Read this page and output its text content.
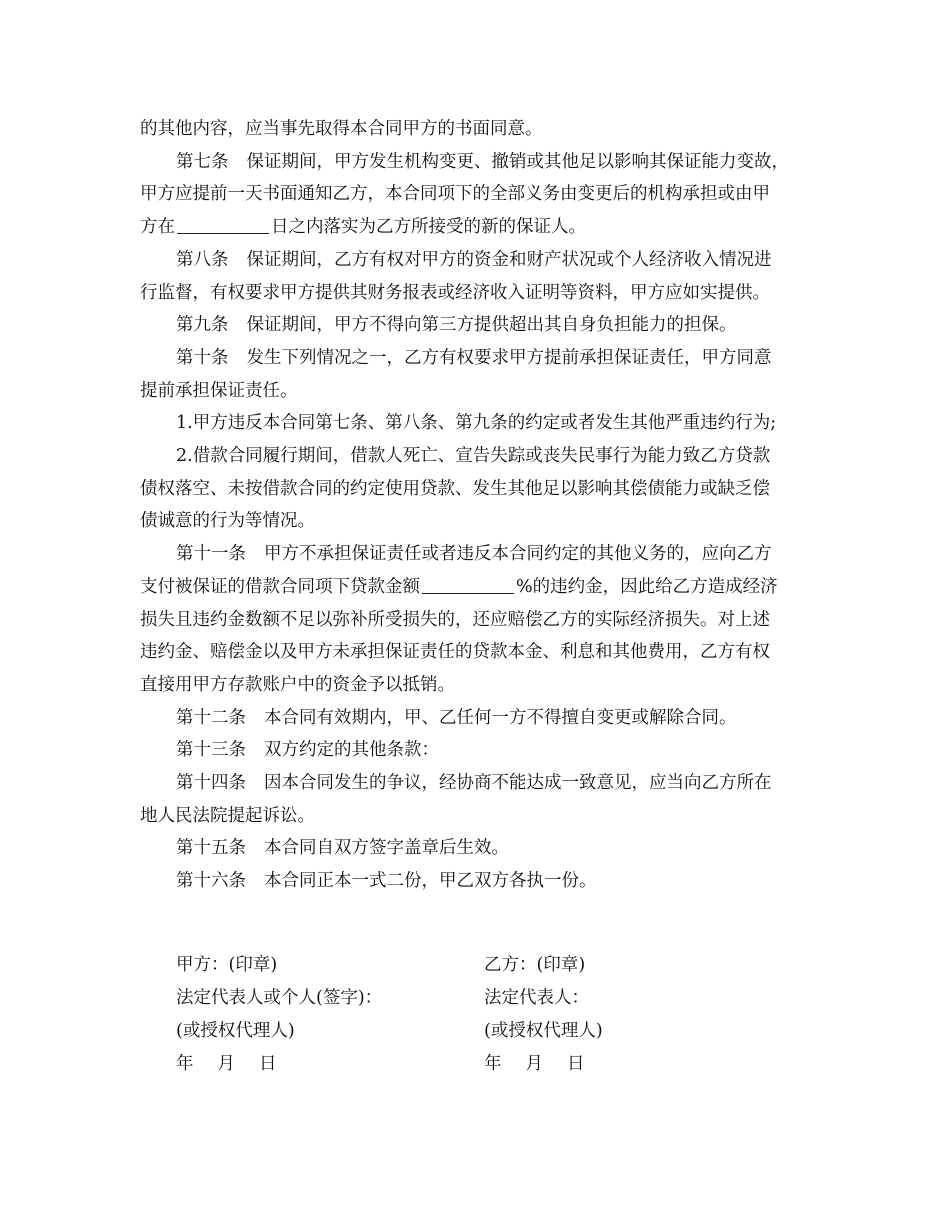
的其他内容，应当事先取得本合同甲方的书面同意。
第七条 保证期间，甲方发生机构变更、撤销或其他足以影响其保证能力变故，
甲方应提前一天书面通知乙方，本合同项下的全部义务由变更后的机构承担或由甲
方在	日之内落实为乙方所接受的新的保证人。
第八条 保证期间，乙方有权对甲方的资金和财产状况或个人经济收入情况进
行监督，有权要求甲方提供其财务报表或经济收入证明等资料，甲方应如实提供。
第九条 保证期间，甲方不得向第三方提供超出其自身负担能力的担保。
第十条 发生下列情况之一，乙方有权要求甲方提前承担保证责任，甲方同意
提前承担保证责任。
1.甲方违反本合同第七条、第八条、第九条的约定或者发生其他严重违约行为;
2.借款合同履行期间，借款人死亡、宣告失踪或丧失民事行为能力致乙方贷款
债权落空、未按借款合同的约定使用贷款、发生其他足以影响其偿债能力或缺乏偿
债诚意的行为等情况。
第十一条 甲方不承担保证责任或者违反本合同约定的其他义务的，应向乙方
支付被保证的借款合同项下贷款金额	%的违约金，因此给乙方造成经济
损失且违约金数额不足以弥补所受损失的，还应赔偿乙方的实际经济损失。对上述
违约金、赔偿金以及甲方未承担保证责任的贷款本金、利息和其他费用，乙方有权
直接用甲方存款账户中的资金予以抵销。
第十二条 本合同有效期内，甲、乙任何一方不得擅自变更或解除合同。
第十三条 双方约定的其他条款：
第十四条 因本合同发生的争议，经协商不能达成一致意见，应当向乙方所在
地人民法院提起诉讼。
第十五条 本合同自双方签字盖章后生效。
第十六条 本合同正本一式二份，甲乙双方各执一份。
甲方：(印章)	乙方：(印章)
法定代表人或个人(签字)：	法定代表人：
(或授权代理人)	(或授权代理人)
年 月 日	年 月 日
